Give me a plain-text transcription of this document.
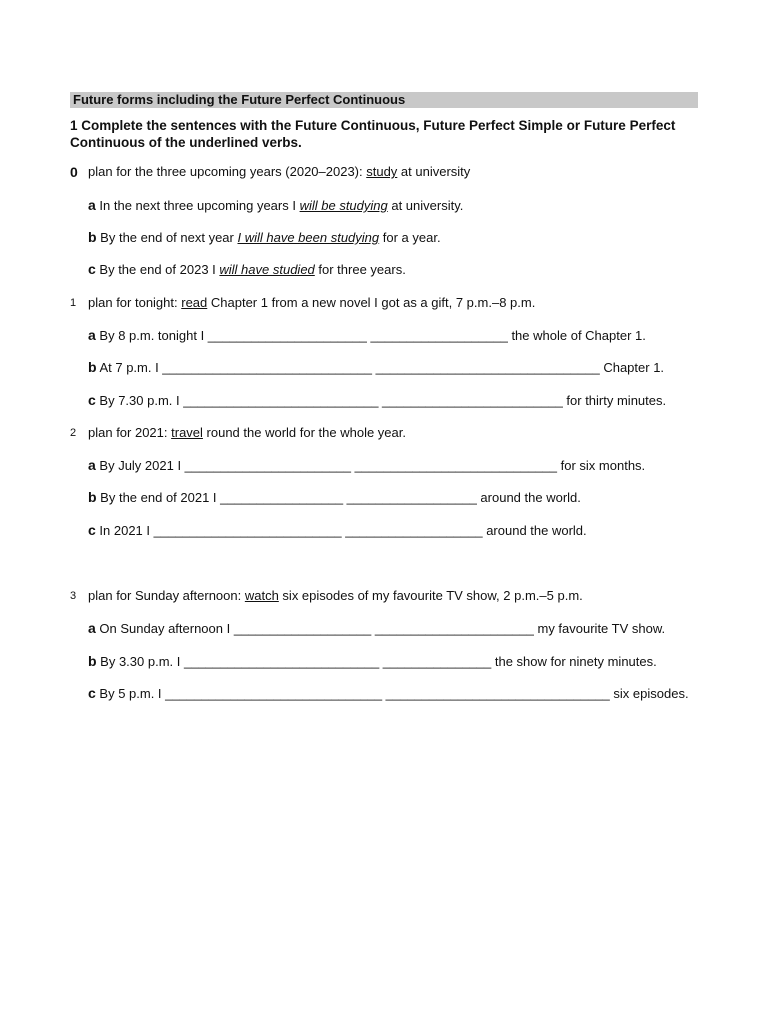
Future forms including the Future Perfect Continuous
1 Complete the sentences with the Future Continuous, Future Perfect Simple or Future Perfect Continuous of the underlined verbs.
0 plan for the three upcoming years (2020–2023): study at university
a In the next three upcoming years I will be studying at university.
b By the end of next year I will have been studying for a year.
c By the end of 2023 I will have studied for three years.
1 plan for tonight: read Chapter 1 from a new novel I got as a gift, 7 p.m.–8 p.m.
a By 8 p.m. tonight I ______________________ ___________________ the whole of Chapter 1.
b At 7 p.m. I _____________________________ _______________________________ Chapter 1.
c By 7.30 p.m. I ___________________________ _________________________ for thirty minutes.
2 plan for 2021: travel round the world for the whole year.
a By July 2021 I _______________________ ____________________________ for six months.
b By the end of 2021 I _________________ __________________ around the world.
c In 2021 I __________________________ ___________________ around the world.
3 plan for Sunday afternoon: watch six episodes of my favourite TV show, 2 p.m.–5 p.m.
a On Sunday afternoon I ___________________ ______________________ my favourite TV show.
b By 3.30 p.m. I ___________________________ _______________ the show for ninety minutes.
c By 5 p.m. I ______________________________ _______________________________ six episodes.
